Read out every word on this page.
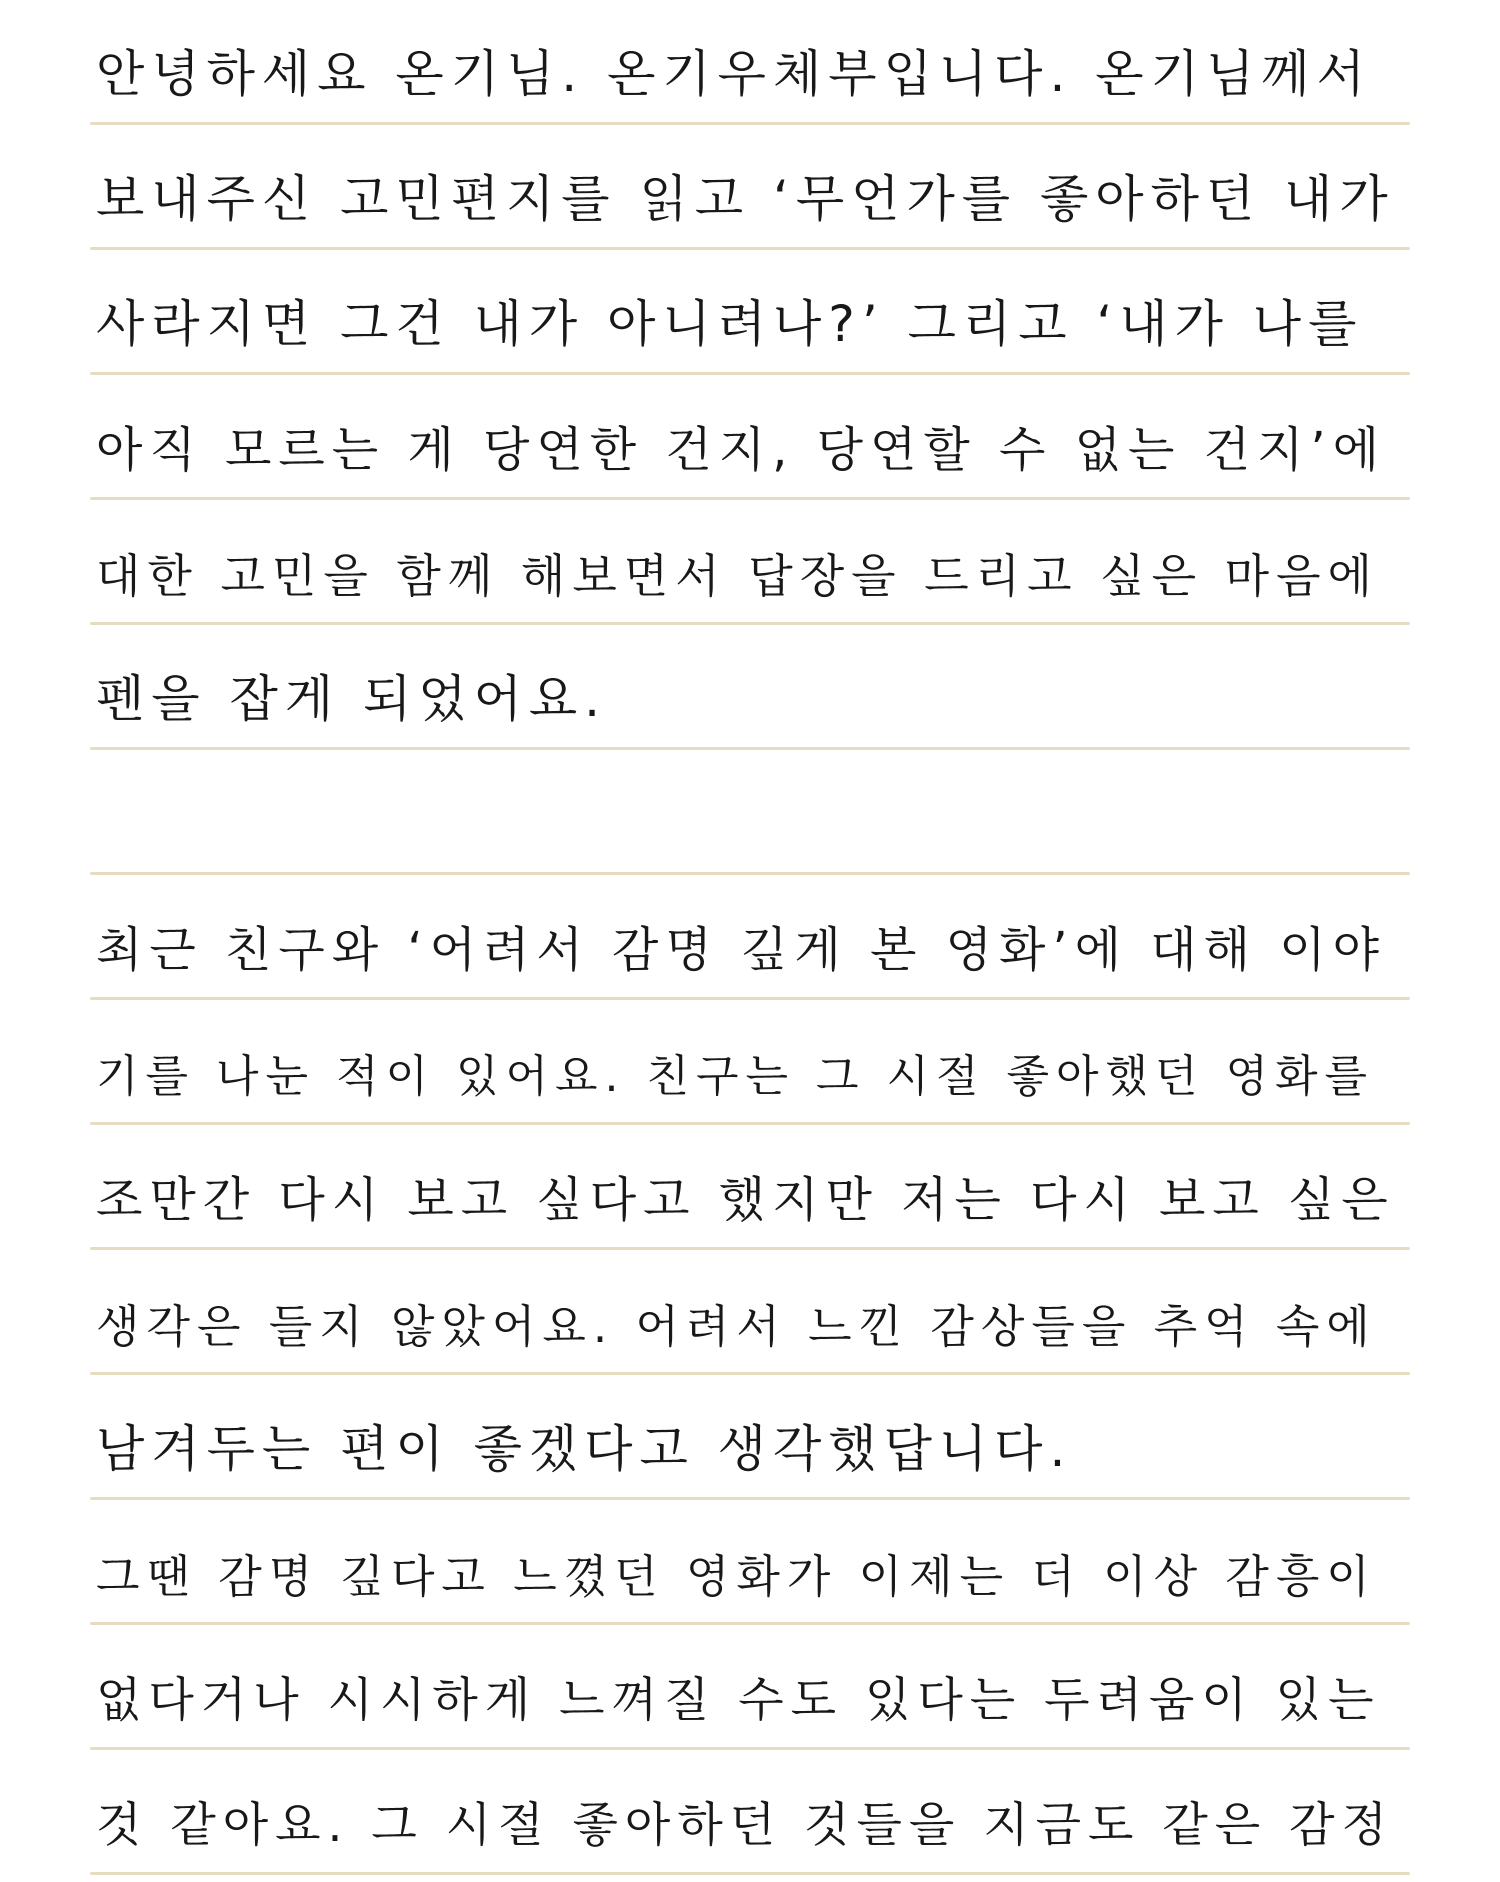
안녕하세요 온기님. 온기우체부입니다. 온기님께서
보내주신 고민편지를 읽고 ‘무언가를 좋아하던 내가
사라지면 그건 내가 아니려나?’ 그리고 ‘내가 나를
아직 모르는 게 당연한 건지, 당연할 수 없는 건지’에
대한 고민을 함께 해보면서 답장을 드리고 싶은 마음에
펜을 잡게 되었어요.
최근 친구와 ‘어려서 감명 깊게 본 영화’에 대해 이야
기를 나눈 적이 있어요. 친구는 그 시절 좋아했던 영화를
조만간 다시 보고 싶다고 했지만 저는 다시 보고 싶은
생각은 들지 않았어요. 어려서 느낀 감상들을 추억 속에
남겨두는 편이 좋겠다고 생각했답니다.
그땐 감명 깊다고 느꼈던 영화가 이제는 더 이상 감흥이
없다거나 시시하게 느껴질 수도 있다는 두려움이 있는
것 같아요. 그 시절 좋아하던 것들을 지금도 같은 감정
